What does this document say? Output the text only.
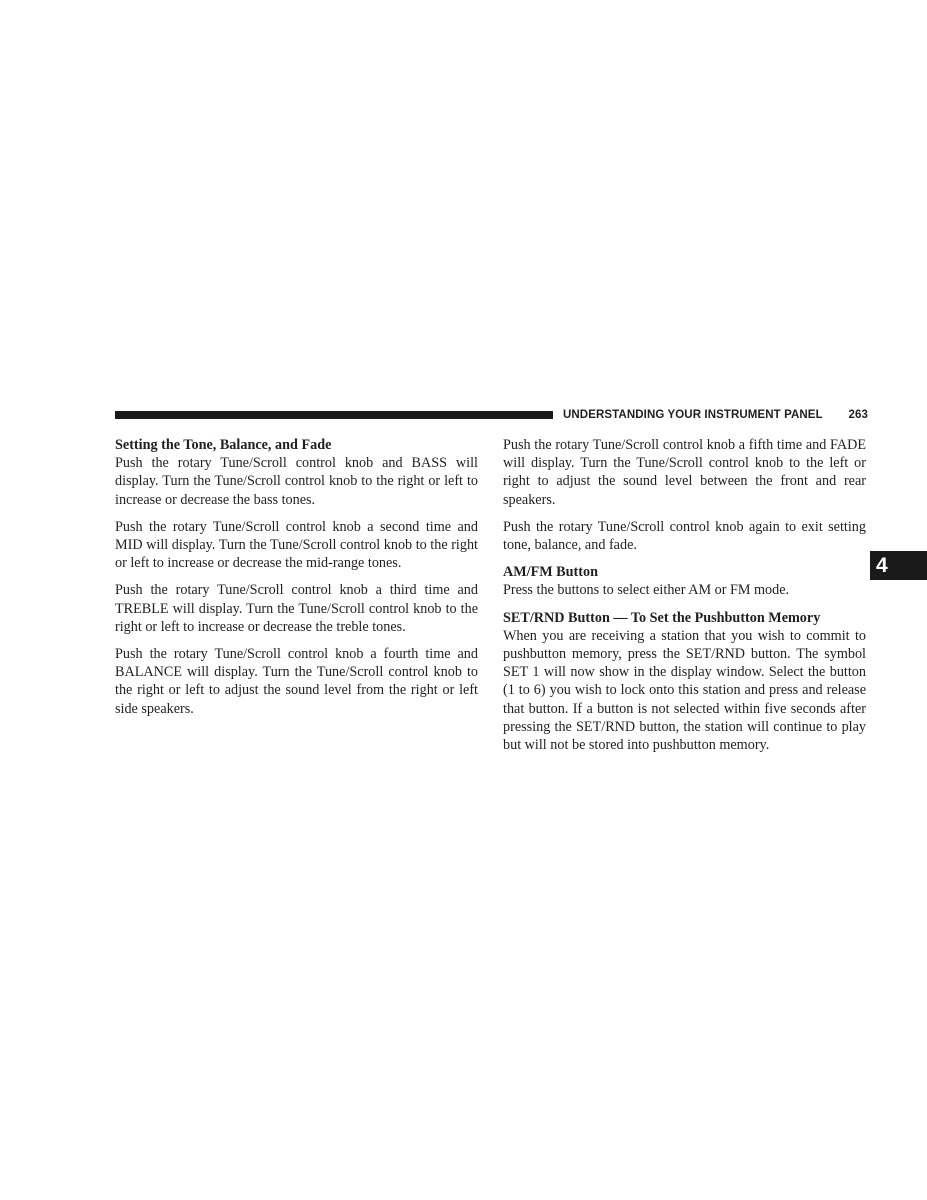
UNDERSTANDING YOUR INSTRUMENT PANEL 263
4

Setting the Tone, Balance, and Fade

Push the rotary Tune/Scroll control knob and BASS will display. Turn the Tune/Scroll control knob to the right or left to increase or decrease the bass tones.

Push the rotary Tune/Scroll control knob a second time and MID will display. Turn the Tune/Scroll control knob to the right or left to increase or decrease the mid-range tones.

Push the rotary Tune/Scroll control knob a third time and TREBLE will display. Turn the Tune/Scroll control knob to the right or left to increase or decrease the treble tones.

Push the rotary Tune/Scroll control knob a fourth time and BALANCE will display. Turn the Tune/Scroll control knob to the right or left to adjust the sound level from the right or left side speakers.

Push the rotary Tune/Scroll control knob a fifth time and FADE will display. Turn the Tune/Scroll control knob to the left or right to adjust the sound level between the front and rear speakers.

Push the rotary Tune/Scroll control knob again to exit setting tone, balance, and fade.

AM/FM Button

Press the buttons to select either AM or FM mode.

SET/RND Button — To Set the Pushbutton Memory

When you are receiving a station that you wish to commit to pushbutton memory, press the SET/RND button. The symbol SET 1 will now show in the display window. Select the button (1 to 6) you wish to lock onto this station and press and release that button. If a button is not selected within five seconds after pressing the SET/RND button, the station will continue to play but will not be stored into pushbutton memory.
